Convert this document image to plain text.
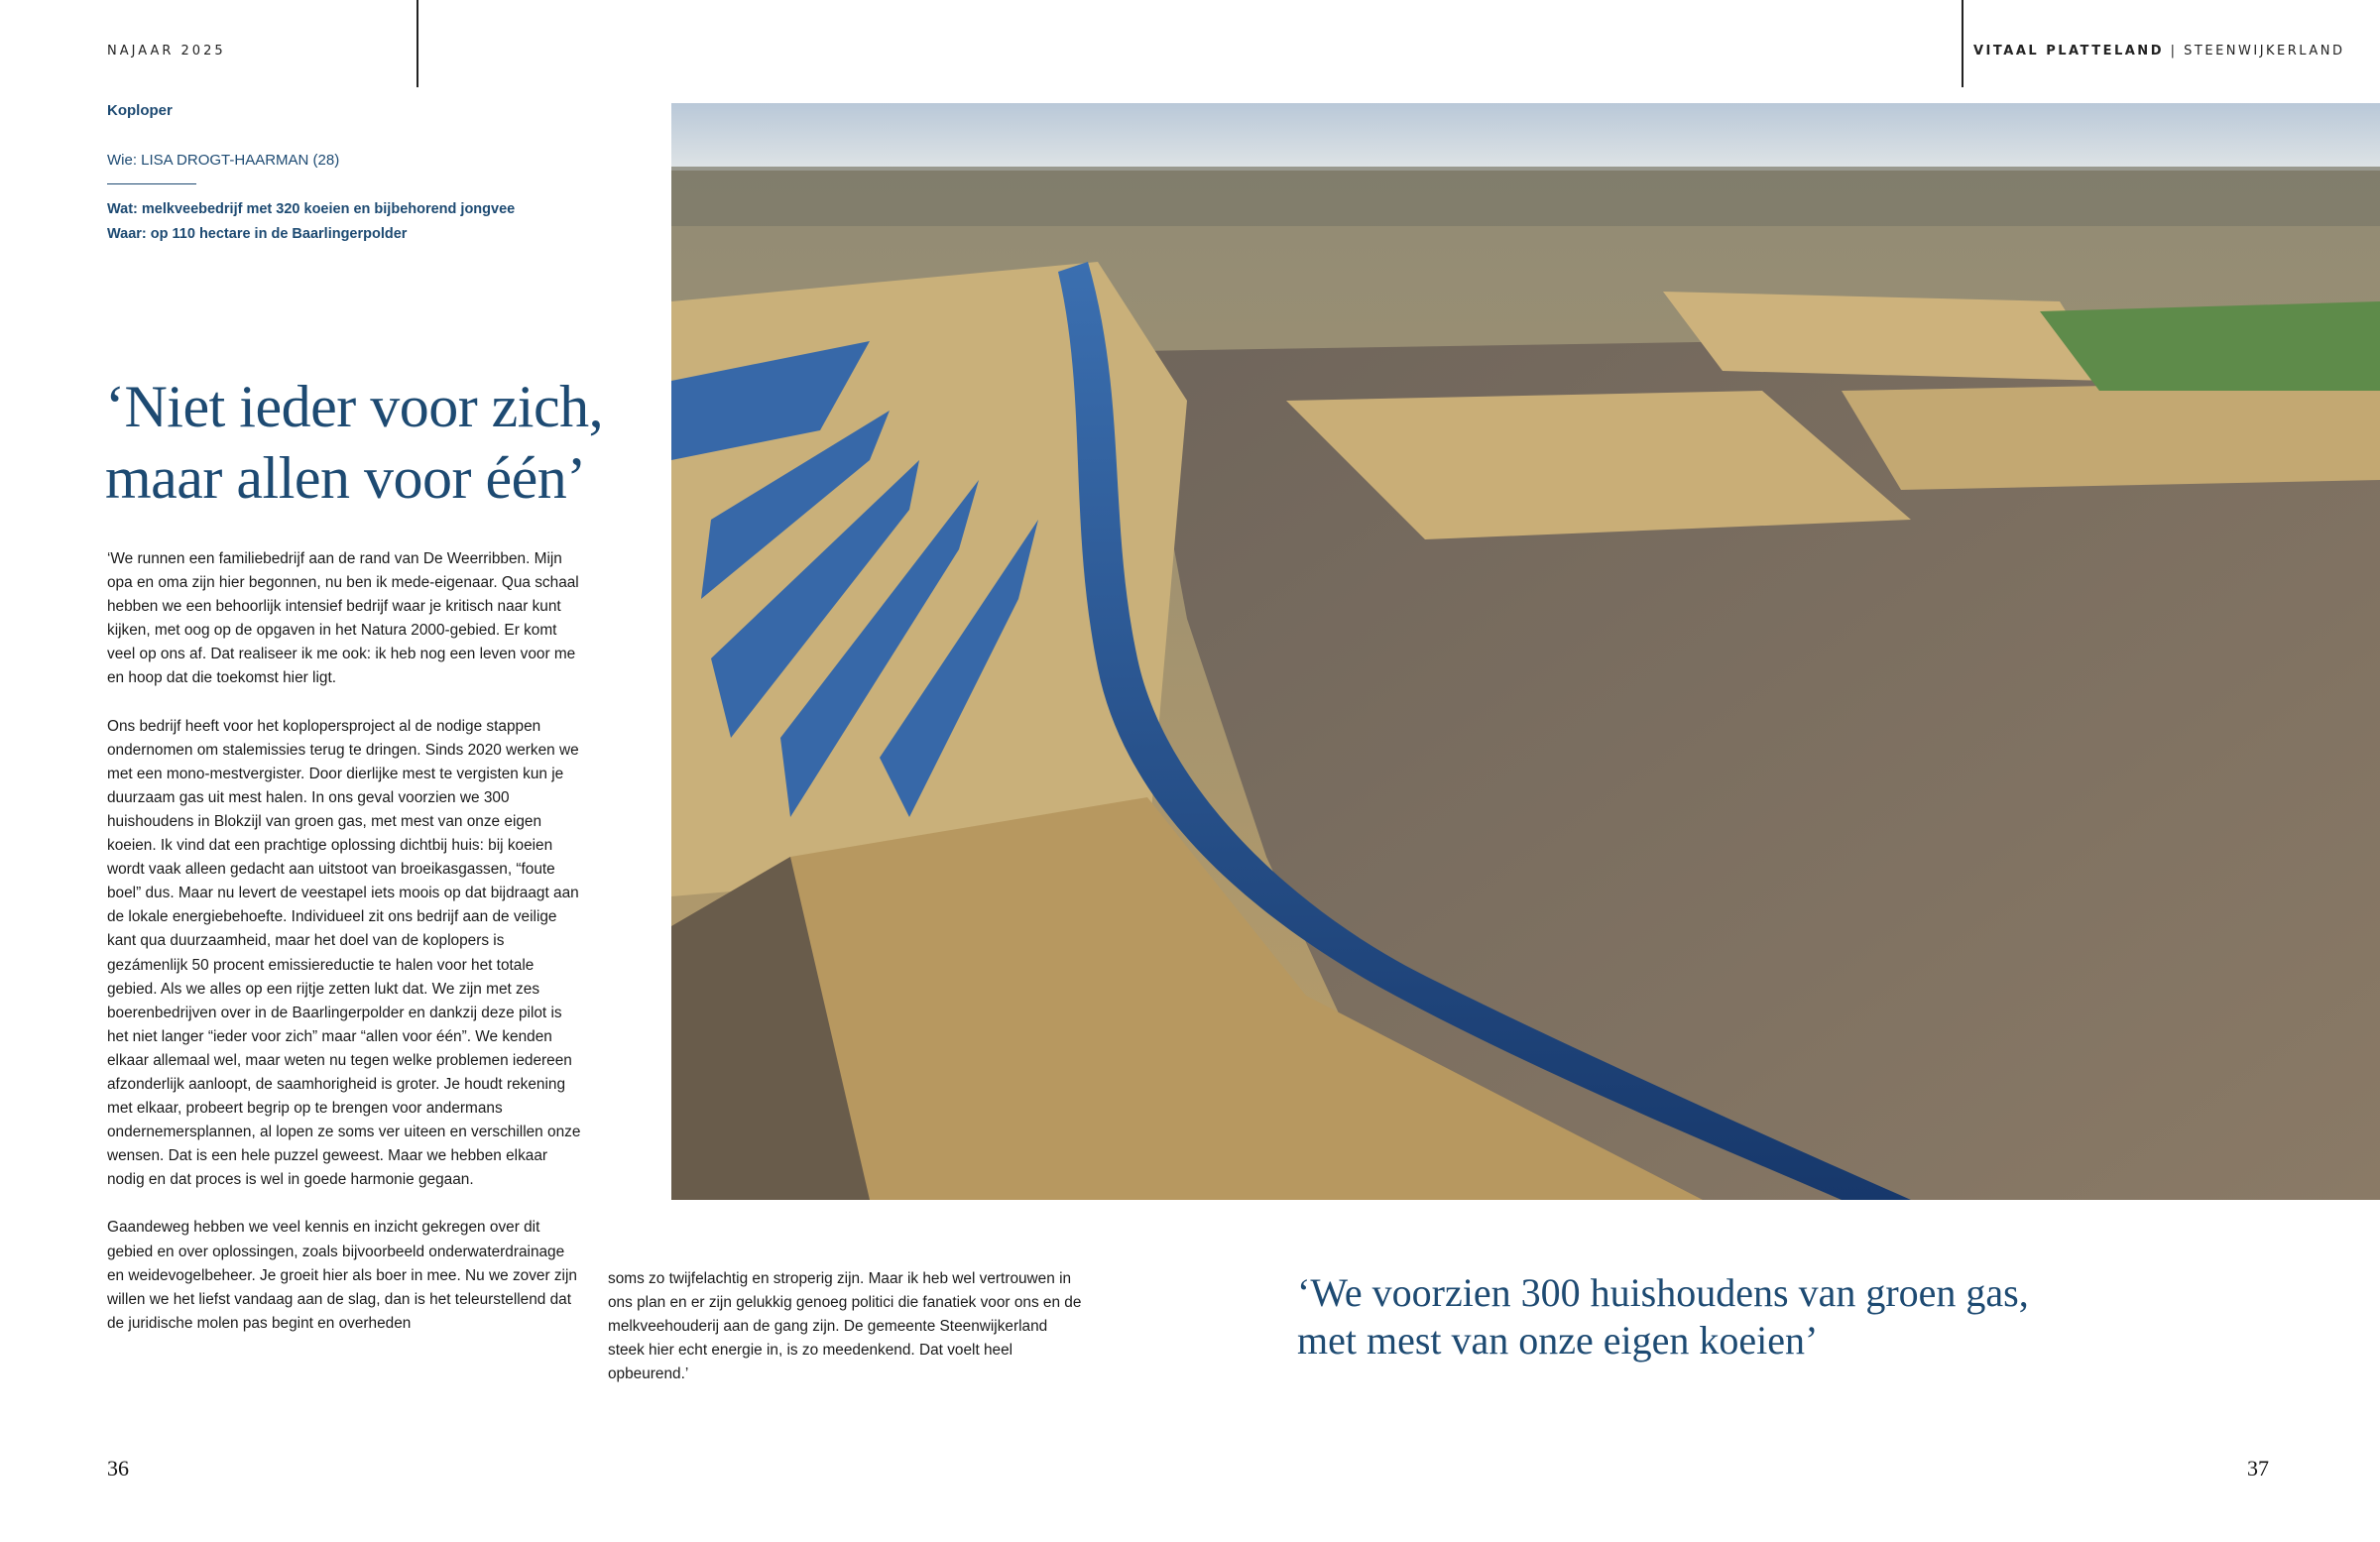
NAJAAR 2025	VITAAL PLATTELAND | STEENWIJKERLAND
Koploper
Wie: LISA DROGT-HAARMAN (28)
Wat: melkveebedrijf met 320 koeien en bijbehorend jongvee
Waar: op 110 hectare in de Baarlingerpolder
‘Niet ieder voor zich,
maar allen voor één’

‘We runnen een familiebedrijf aan de rand van De Weerribben. Mijn opa en oma zijn hier begonnen, nu ben ik mede-eigenaar. Qua schaal hebben we een behoorlijk intensief bedrijf waar je kritisch naar kunt kijken, met oog op de opgaven in het Natura 2000-gebied. Er komt veel op ons af. Dat realiseer ik me ook: ik heb nog een leven voor me en hoop dat die toekomst hier ligt.

Ons bedrijf heeft voor het koplopersproject al de nodige stappen ondernomen om stalemissies terug te dringen. Sinds 2020 werken we met een mono-mestvergister. Door dierlijke mest te vergisten kun je duurzaam gas uit mest halen. In ons geval voorzien we 300 huishoudens in Blokzijl van groen gas, met mest van onze eigen koeien. Ik vind dat een prachtige oplossing dichtbij huis: bij koeien wordt vaak alleen gedacht aan uitstoot van broeikasgassen, “foute boel” dus. Maar nu levert de veestapel iets moois op dat bijdraagt aan de lokale energiebehoefte. Individueel zit ons bedrijf aan de veilige kant qua duurzaamheid, maar het doel van de koplopers is gezámenlijk 50 procent emissiereductie te halen voor het totale gebied. Als we alles op een rijtje zetten lukt dat. We zijn met zes boerenbedrijven over in de Baarlingerpolder en dankzij deze pilot is het niet langer “ieder voor zich” maar “allen voor één”. We kenden elkaar allemaal wel, maar weten nu tegen welke problemen iedereen afzonderlijk aanloopt, de saamhorigheid is groter. Je houdt rekening met elkaar, probeert begrip op te brengen voor andermans ondernemersplannen, al lopen ze soms ver uiteen en verschillen onze wensen. Dat is een hele puzzel geweest. Maar we hebben elkaar nodig en dat proces is wel in goede harmonie gegaan.

Gaandeweg hebben we veel kennis en inzicht gekregen over dit gebied en over oplossingen, zoals bijvoorbeeld onderwaterdrainage en weidevogelbeheer. Je groeit hier als boer in mee. Nu we zover zijn willen we het liefst vandaag aan de slag, dan is het teleurstellend dat de juridische molen pas begint en overheden

soms zo twijfelachtig en stroperig zijn. Maar ik heb wel vertrouwen in ons plan en er zijn gelukkig genoeg politici die fanatiek voor ons en de melkveehouderij aan de gang zijn. De gemeente Steenwijkerland steek hier echt energie in, is zo meedenkend. Dat voelt heel opbeurend.’

‘We voorzien 300 huishoudens van groen gas,
met mest van onze eigen koeien’
36	37
